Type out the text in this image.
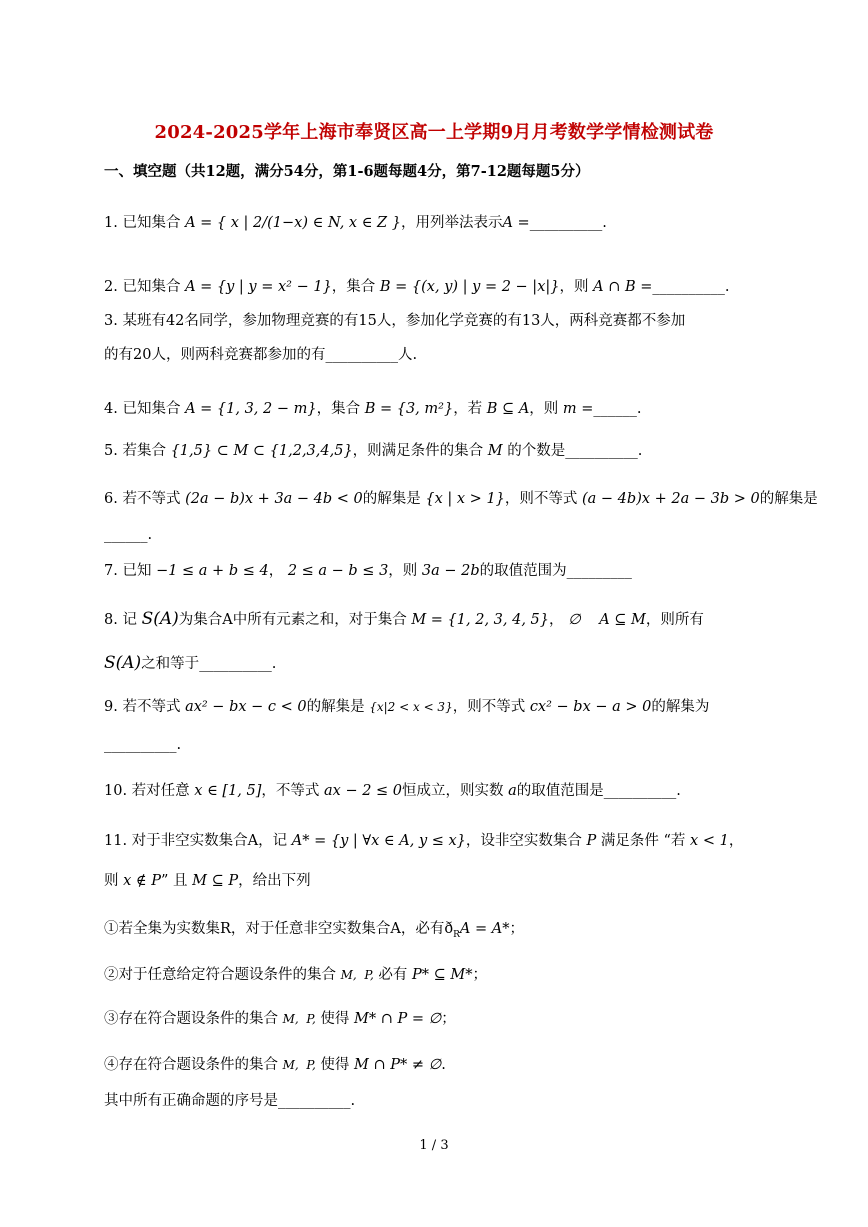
2024-2025学年上海市奉贤区高一上学期9月月考数学学情检测试卷
一、填空题（共12题，满分54分，第1-6题每题4分，第7-12题每题5分）
1. 已知集合 A = { x | 2/(1−x) ∈ N, x ∈ Z }，用列举法表示A =__________.
2. 已知集合 A = {y | y = x² − 1}，集合 B = {(x, y) | y = 2 − |x|}，则 A ∩ B =__________.
3. 某班有42名同学，参加物理竞赛的有15人，参加化学竞赛的有13人，两科竞赛都不参加
的有20人，则两科竞赛都参加的有__________人.
4. 已知集合 A = {1, 3, 2 − m}，集合 B = {3, m²}，若 B ⊆ A，则 m =______.
5. 若集合 {1,5} ⊂ M ⊂ {1,2,3,4,5}，则满足条件的集合 M 的个数是__________.
6. 若不等式 (2a − b)x + 3a − 4b < 0的解集是 {x | x > 1}，则不等式 (a − 4b)x + 2a − 3b > 0的解集是
______.
7. 已知 −1 ≤ a + b ≤ 4， 2 ≤ a − b ≤ 3，则 3a − 2b的取值范围为_________
8. 记 S(A)为集合A中所有元素之和，对于集合 M = {1, 2, 3, 4, 5}， ∅    A ⊆ M，则所有
S(A)之和等于__________.
9. 若不等式 ax² − bx − c < 0的解集是 {x|2 < x < 3}，则不等式 cx² − bx − a > 0的解集为
__________.
10. 若对任意 x ∈ [1, 5]，不等式 ax − 2 ≤ 0恒成立，则实数 a的取值范围是__________.
11. 对于非空实数集合A，记 A* = {y | ∀x ∈ A, y ≤ x}，设非空实数集合 P 满足条件 “若 x < 1，
则 x ∉ P” 且 M ⊆ P，给出下列
①若全集为实数集R，对于任意非空实数集合A，必有$ð_RA = A*$；
②对于任意给定符合题设条件的集合 M,  P, 必有 P* ⊆ M*；
③存在符合题设条件的集合 M,  P, 使得 M* ∩ P = ∅；
④存在符合题设条件的集合 M,  P, 使得 M ∩ P* ≠ ∅.
其中所有正确命题的序号是__________.
1 / 3
